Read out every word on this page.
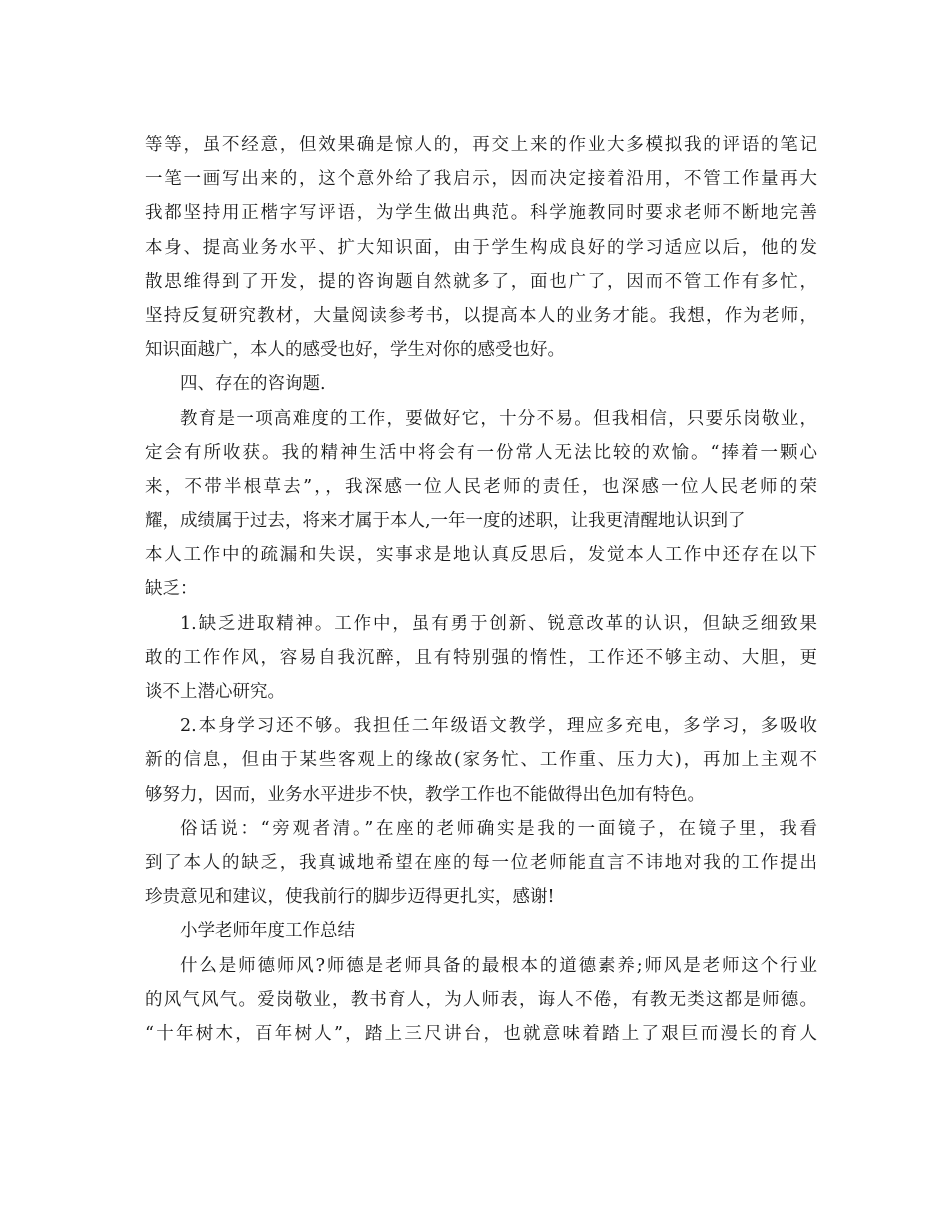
等等，虽不经意，但效果确是惊人的，再交上来的作业大多模拟我的评语的笔记
一笔一画写出来的，这个意外给了我启示，因而决定接着沿用，不管工作量再大
我都坚持用正楷字写评语，为学生做出典范。科学施教同时要求老师不断地完善
本身、提高业务水平、扩大知识面，由于学生构成良好的学习适应以后，他的发
散思维得到了开发，提的咨询题自然就多了，面也广了，因而不管工作有多忙，
坚持反复研究教材，大量阅读参考书，以提高本人的业务才能。我想，作为老师，
知识面越广，本人的感受也好，学生对你的感受也好。
四、存在的咨询题.
教育是一项高难度的工作，要做好它，十分不易。但我相信，只要乐岗敬业，
定会有所收获。我的精神生活中将会有一份常人无法比较的欢愉。“捧着一颗心
来，不带半根草去”，，我深感一位人民老师的责任，也深感一位人民老师的荣
耀，成绩属于过去，将来才属于本人,一年一度的述职，让我更清醒地认识到了
本人工作中的疏漏和失误，实事求是地认真反思后，发觉本人工作中还存在以下
缺乏：
1.缺乏进取精神。工作中，虽有勇于创新、锐意改革的认识，但缺乏细致果
敢的工作作风，容易自我沉醉，且有特别强的惰性，工作还不够主动、大胆，更
谈不上潜心研究。
2.本身学习还不够。我担任二年级语文教学，理应多充电，多学习，多吸收
新的信息，但由于某些客观上的缘故(家务忙、工作重、压力大)，再加上主观不
够努力，因而，业务水平进步不快，教学工作也不能做得出色加有特色。
俗话说：“旁观者清。”在座的老师确实是我的一面镜子，在镜子里，我看
到了本人的缺乏，我真诚地希望在座的每一位老师能直言不讳地对我的工作提出
珍贵意见和建议，使我前行的脚步迈得更扎实，感谢!
小学老师年度工作总结
什么是师德师风?师德是老师具备的最根本的道德素养;师风是老师这个行业
的风气风气。爱岗敬业，教书育人，为人师表，诲人不倦，有教无类这都是师德。
“十年树木，百年树人”，踏上三尺讲台，也就意味着踏上了艰巨而漫长的育人
